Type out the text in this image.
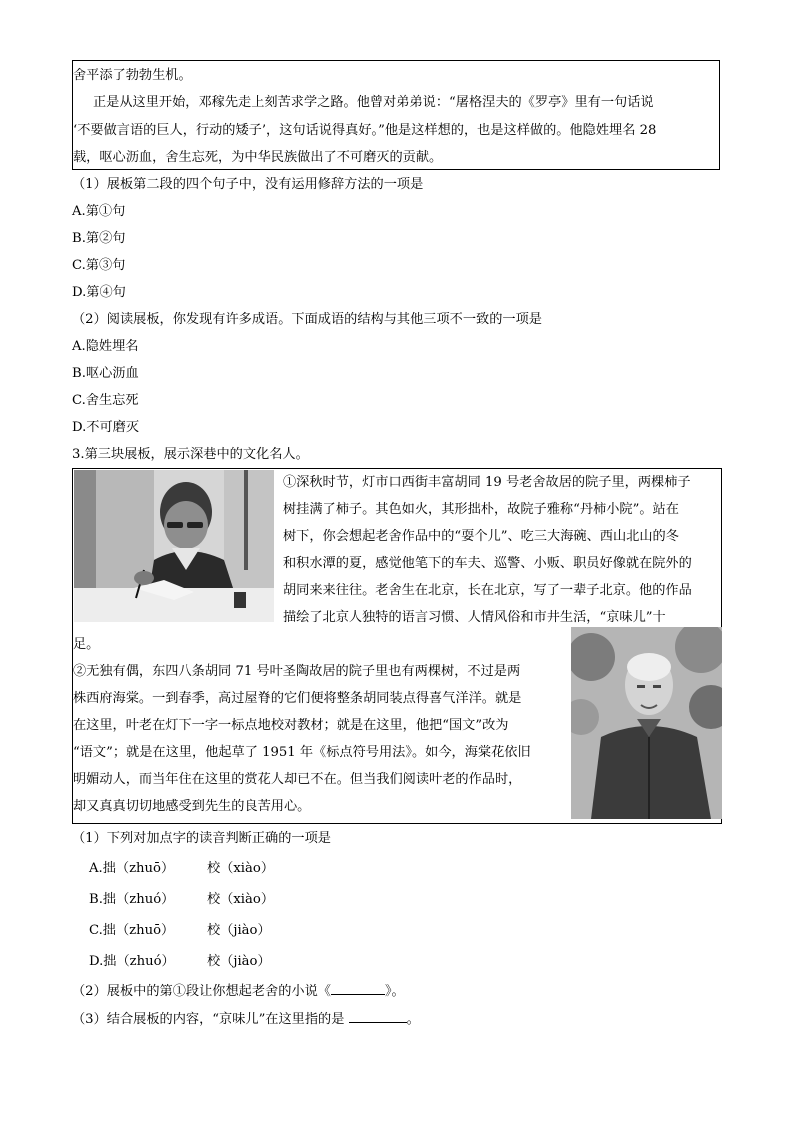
舍平添了勃勃生机。
正是从这里开始，邓稼先走上刻苦求学之路。他曾对弟弟说：“屠格涅夫的《罗亭》里有一句话说
‘不要做言语的巨人，行动的矮子’，这句话说得真好。”他是这样想的，也是这样做的。他隐姓埋名 28
载，呕心沥血，舍生忘死，为中华民族做出了不可磨灭的贡献。
（1）展板第二段的四个句子中，没有运用修辞方法的一项是
A.第①句
B.第②句
C.第③句
D.第④句
（2）阅读展板，你发现有许多成语。下面成语的结构与其他三项不一致的一项是
A.隐姓埋名
B.呕心沥血
C.舍生忘死
D.不可磨灭
3.第三块展板，展示深巷中的文化名人。
①深秋时节，灯市口西街丰富胡同 19 号老舍故居的院子里，两棵柿子
树挂满了柿子。其色如火，其形拙朴，故院子雅称“丹柿小院”。站在
树下，你会想起老舍作品中的“耍个儿”、吃三大海碗、西山北山的冬
和积水潭的夏，感觉他笔下的车夫、巡警、小贩、职员好像就在院外的
胡同来来往往。老舍生在北京，长在北京，写了一辈子北京。他的作品
描绘了北京人独特的语言习惯、人情风俗和市井生活，“京味儿”十
足。
②无独有偶，东四八条胡同 71 号叶圣陶故居的院子里也有两棵树，不过是两
株西府海棠。一到春季，高过屋脊的它们便将整条胡同装点得喜气洋洋。就是
在这里，叶老在灯下一字一标点地校对教材；就是在这里，他把“国文”改为
“语文”；就是在这里，他起草了 1951 年《标点符号用法》。如今，海棠花依旧
明媚动人，而当年住在这里的赏花人却已不在。但当我们阅读叶老的作品时，
却又真真切切地感受到先生的良苦用心。
（1）下列对加点字的读音判断正确的一项是
A.拙（zhuō） 校（xiào）
B.拙（zhuó） 校（xiào）
C.拙（zhuō） 校（jiào）
D.拙（zhuó） 校（jiào）
（2）展板中的第①段让你想起老舍的小说《	》。
（3）结合展板的内容，“京味儿”在这里指的是	。
